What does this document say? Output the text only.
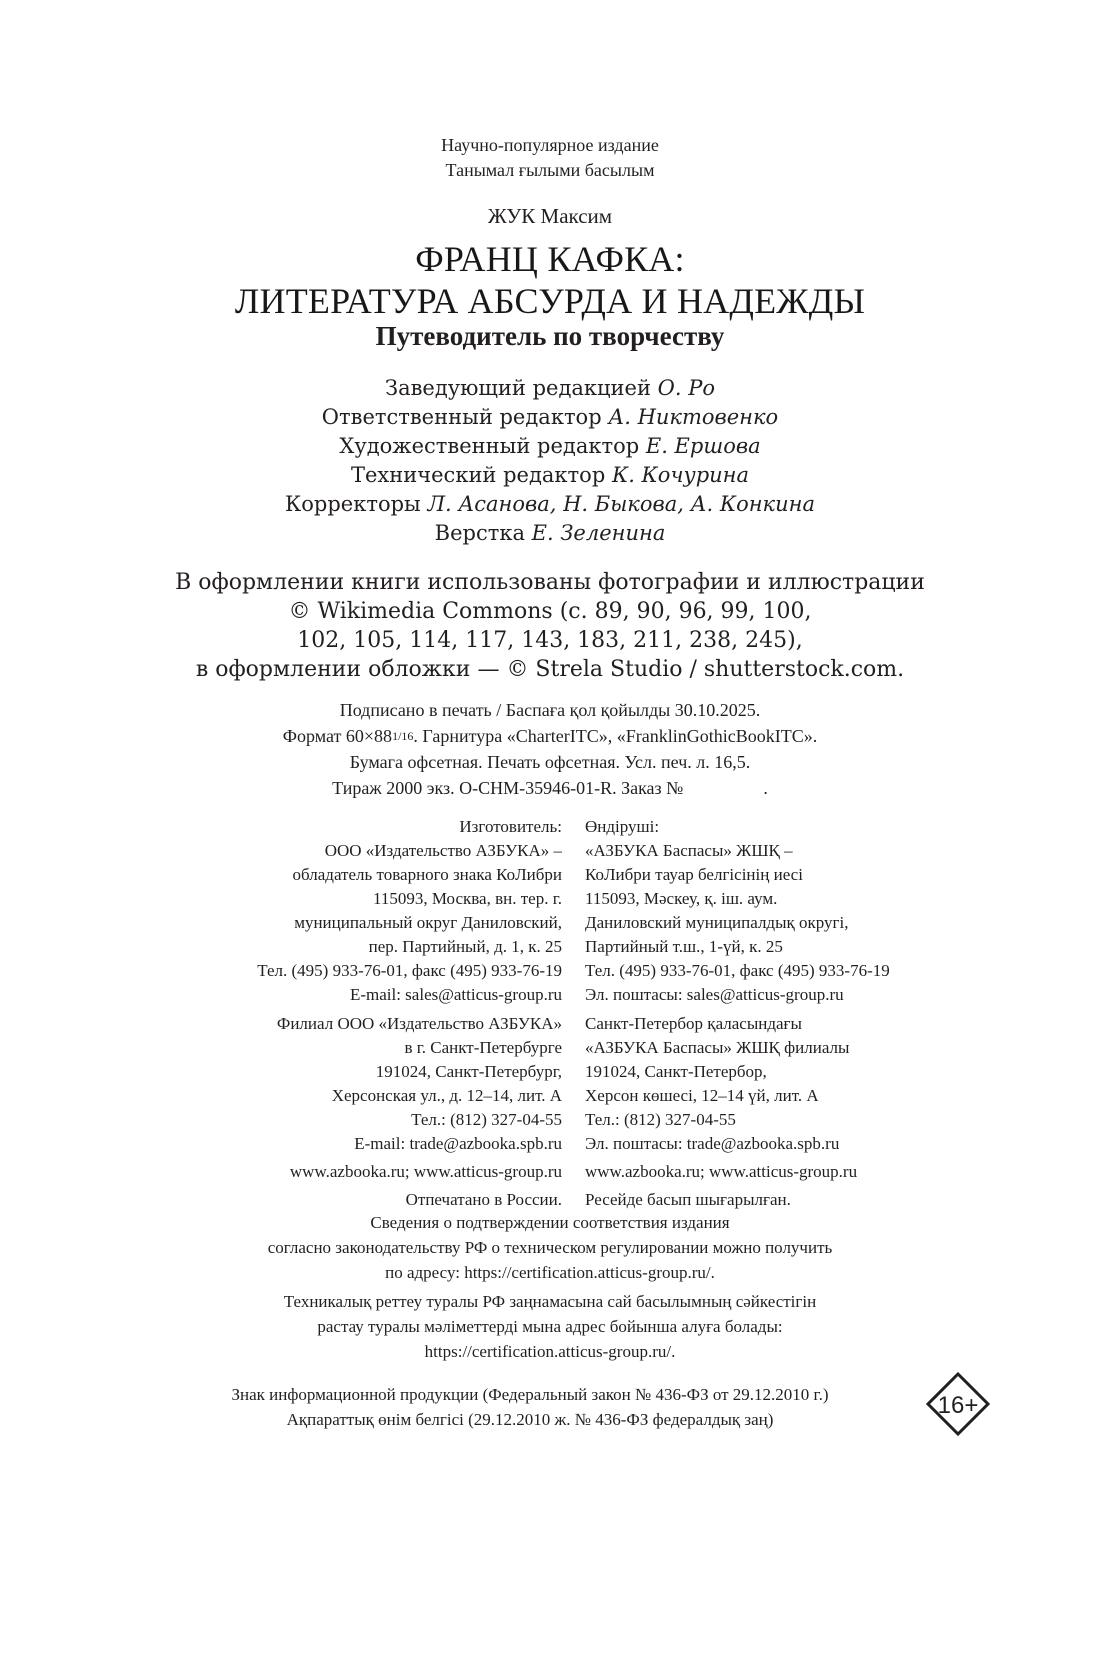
Научно-популярное издание
Танымал ғылыми басылым
ЖУК Максим
ФРАНЦ КАФКА:
ЛИТЕРАТУРА АБСУРДА И НАДЕЖДЫ
Путеводитель по творчеству
Заведующий редакцией О. Ро
Ответственный редактор А. Никтовенко
Художественный редактор Е. Ершова
Технический редактор К. Кочурина
Корректоры Л. Асанова, Н. Быкова, А. Конкина
Верстка Е. Зеленина
В оформлении книги использованы фотографии и иллюстрации
© Wikimedia Commons (с. 89, 90, 96, 99, 100,
102, 105, 114, 117, 143, 183, 211, 238, 245),
в оформлении обложки — © Strela Studio / shutterstock.com.
Подписано в печать / Баспаға қол қойылды 30.10.2025.
Формат 60×881/16. Гарнитура «CharterITC», «FranklinGothicBookITC».
Бумага офсетная. Печать офсетная. Усл. печ. л. 16,5.
Тираж 2000 экз. О-СНМ-35946-01-R. Заказ №	.
Изготовитель:
ООО «Издательство АЗБУКА» –
обладатель товарного знака КоЛибри
115093, Москва, вн. тер. г.
муниципальный округ Даниловский,
пер. Партийный, д. 1, к. 25
Тел. (495) 933-76-01, факс (495) 933-76-19
E-mail: sales@atticus-group.ru
Өндіруші:
«АЗБУКА Баспасы» ЖШҚ –
КоЛибри тауар белгісінің иесі
115093, Мәскеу, қ. іш. аум.
Даниловский муниципалдық округі,
Партийный т.ш., 1-үй, к. 25
Тел. (495) 933-76-01, факс (495) 933-76-19
Эл. поштасы: sales@atticus-group.ru
Филиал ООО «Издательство АЗБУКА»
в г. Санкт-Петербурге
191024, Санкт-Петербург,
Херсонская ул., д. 12–14, лит. А
Тел.: (812) 327-04-55
E-mail: trade@azbooka.spb.ru
www.azbooka.ru; www.atticus-group.ru
Отпечатано в России.
Санкт-Петербор қаласындағы
«АЗБУКА Баспасы» ЖШҚ филиалы
191024, Санкт-Петербор,
Херсон көшесі, 12–14 үй, лит. А
Тел.: (812) 327-04-55
Эл. поштасы: trade@azbooka.spb.ru
www.azbooka.ru; www.atticus-group.ru
Ресейде басып шығарылған.
Сведения о подтверждении соответствия издания
согласно законодательству РФ о техническом регулировании можно получить
по адресу: https://certification.atticus-group.ru/.
Техникалық реттеу туралы РФ заңнамасына сай басылымның сәйкестігін
растау туралы мәліметтерді мына адрес бойынша алуға болады:
https://certification.atticus-group.ru/.
Знак информационной продукции (Федеральный закон № 436-ФЗ от 29.12.2010 г.)
Ақпараттық өнім белгісі (29.12.2010 ж. № 436-ФЗ федералдық заң)
16+
